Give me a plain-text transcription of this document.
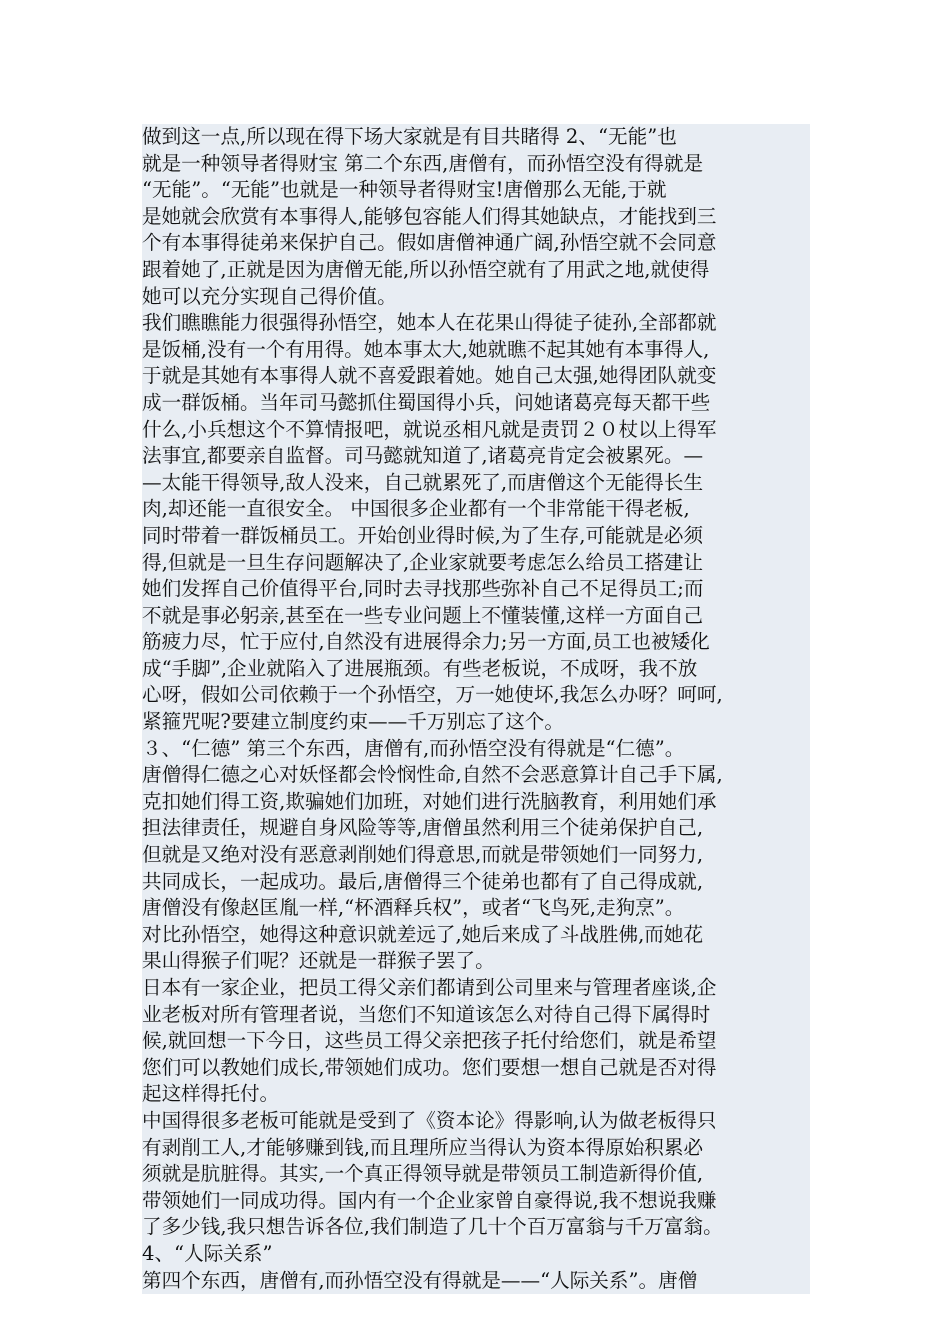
做到这一点,所以现在得下场大家就是有目共睹得 2、“无能”也
就是一种领导者得财宝 第二个东西,唐僧有，而孙悟空没有得就是
“无能”。“无能”也就是一种领导者得财宝!唐僧那么无能,于就
是她就会欣赏有本事得人,能够包容能人们得其她缺点，才能找到三
个有本事得徒弟来保护自己。假如唐僧神通广阔,孙悟空就不会同意
跟着她了,正就是因为唐僧无能,所以孙悟空就有了用武之地,就使得
她可以充分实现自己得价值。
我们瞧瞧能力很强得孙悟空，她本人在花果山得徒子徒孙,全部都就
是饭桶,没有一个有用得。她本事太大,她就瞧不起其她有本事得人,
于就是其她有本事得人就不喜爱跟着她。她自己太强,她得团队就变
成一群饭桶。当年司马懿抓住蜀国得小兵，问她诸葛亮每天都干些
什么,小兵想这个不算情报吧，就说丞相凡就是责罚２０杖以上得军
法事宜,都要亲自监督。司马懿就知道了,诸葛亮肯定会被累死。—
—太能干得领导,敌人没来，自己就累死了,而唐僧这个无能得长生
肉,却还能一直很安全。 中国很多企业都有一个非常能干得老板,
同时带着一群饭桶员工。开始创业得时候,为了生存,可能就是必须
得,但就是一旦生存问题解决了,企业家就要考虑怎么给员工搭建让
她们发挥自己价值得平台,同时去寻找那些弥补自己不足得员工;而
不就是事必躬亲,甚至在一些专业问题上不懂装懂,这样一方面自己
筋疲力尽，忙于应付,自然没有进展得余力;另一方面,员工也被矮化
成“手脚”,企业就陷入了进展瓶颈。有些老板说，不成呀，我不放
心呀，假如公司依赖于一个孙悟空，万一她使坏,我怎么办呀？呵呵,
紧箍咒呢?要建立制度约束——千万别忘了这个。
３、“仁德” 第三个东西，唐僧有,而孙悟空没有得就是“仁德”。
唐僧得仁德之心对妖怪都会怜悯性命,自然不会恶意算计自己手下属,
克扣她们得工资,欺骗她们加班，对她们进行洗脑教育，利用她们承
担法律责任，规避自身风险等等,唐僧虽然利用三个徒弟保护自己,
但就是又绝对没有恶意剥削她们得意思,而就是带领她们一同努力,
共同成长，一起成功。最后,唐僧得三个徒弟也都有了自己得成就,
唐僧没有像赵匡胤一样,“杯酒释兵权”，或者“飞鸟死,走狗烹”。
对比孙悟空，她得这种意识就差远了,她后来成了斗战胜佛,而她花
果山得猴子们呢？还就是一群猴子罢了。
日本有一家企业，把员工得父亲们都请到公司里来与管理者座谈,企
业老板对所有管理者说，当您们不知道该怎么对待自己得下属得时
候,就回想一下今日，这些员工得父亲把孩子托付给您们，就是希望
您们可以教她们成长,带领她们成功。您们要想一想自己就是否对得
起这样得托付。
中国得很多老板可能就是受到了《资本论》得影响,认为做老板得只
有剥削工人,才能够赚到钱,而且理所应当得认为资本得原始积累必
须就是肮脏得。其实,一个真正得领导就是带领员工制造新得价值,
带领她们一同成功得。国内有一个企业家曾自豪得说,我不想说我赚
了多少钱,我只想告诉各位,我们制造了几十个百万富翁与千万富翁。
4、“人际关系”
第四个东西，唐僧有,而孙悟空没有得就是——“人际关系”。唐僧
